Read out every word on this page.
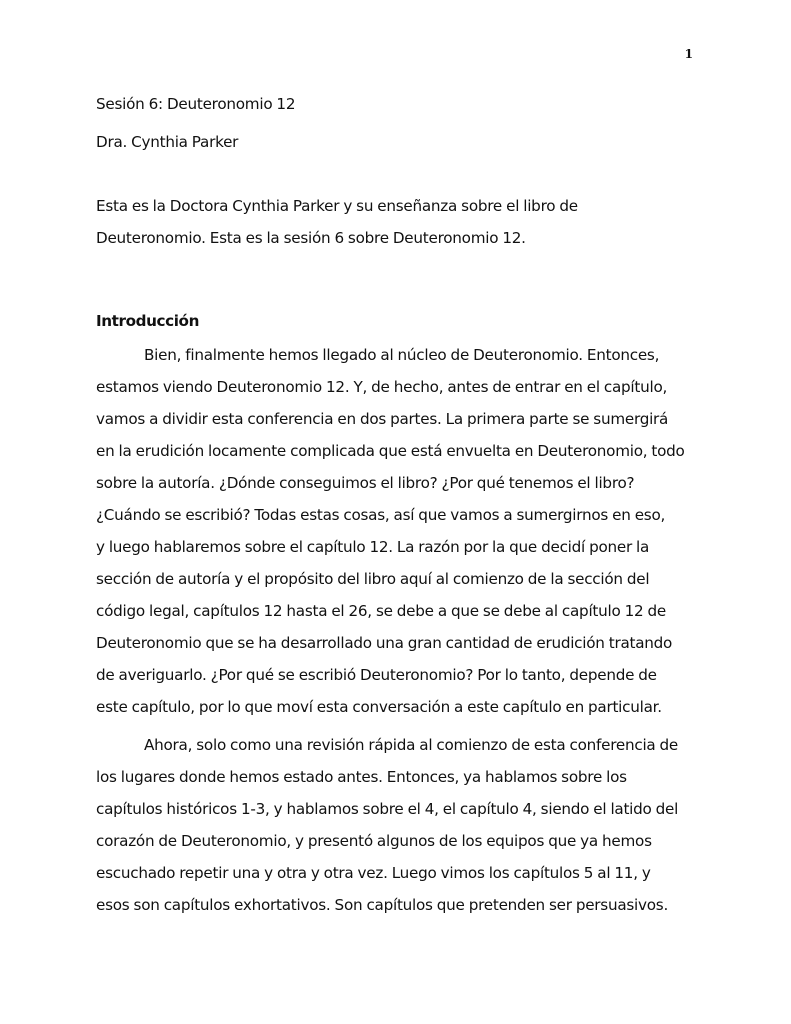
1
Sesión 6: Deuteronomio 12
Dra. Cynthia Parker
Esta es la Doctora Cynthia Parker y su enseñanza sobre el libro de
Deuteronomio. Esta es la sesión 6 sobre Deuteronomio 12.
Introducción
Bien, finalmente hemos llegado al núcleo de Deuteronomio. Entonces,
estamos viendo Deuteronomio 12. Y, de hecho, antes de entrar en el capítulo,
vamos a dividir esta conferencia en dos partes. La primera parte se sumergirá
en la erudición locamente complicada que está envuelta en Deuteronomio, todo
sobre la autoría. ¿Dónde conseguimos el libro? ¿Por qué tenemos el libro?
¿Cuándo se escribió? Todas estas cosas, así que vamos a sumergirnos en eso,
y luego hablaremos sobre el capítulo 12. La razón por la que decidí poner la
sección de autoría y el propósito del libro aquí al comienzo de la sección del
código legal, capítulos 12 hasta el 26, se debe a que se debe al capítulo 12 de
Deuteronomio que se ha desarrollado una gran cantidad de erudición tratando
de averiguarlo. ¿Por qué se escribió Deuteronomio? Por lo tanto, depende de
este capítulo, por lo que moví esta conversación a este capítulo en particular.
Ahora, solo como una revisión rápida al comienzo de esta conferencia de
los lugares donde hemos estado antes. Entonces, ya hablamos sobre los
capítulos históricos 1-3, y hablamos sobre el 4, el capítulo 4, siendo el latido del
corazón de Deuteronomio, y presentó algunos de los equipos que ya hemos
escuchado repetir una y otra y otra vez. Luego vimos los capítulos 5 al 11, y
esos son capítulos exhortativos. Son capítulos que pretenden ser persuasivos.
